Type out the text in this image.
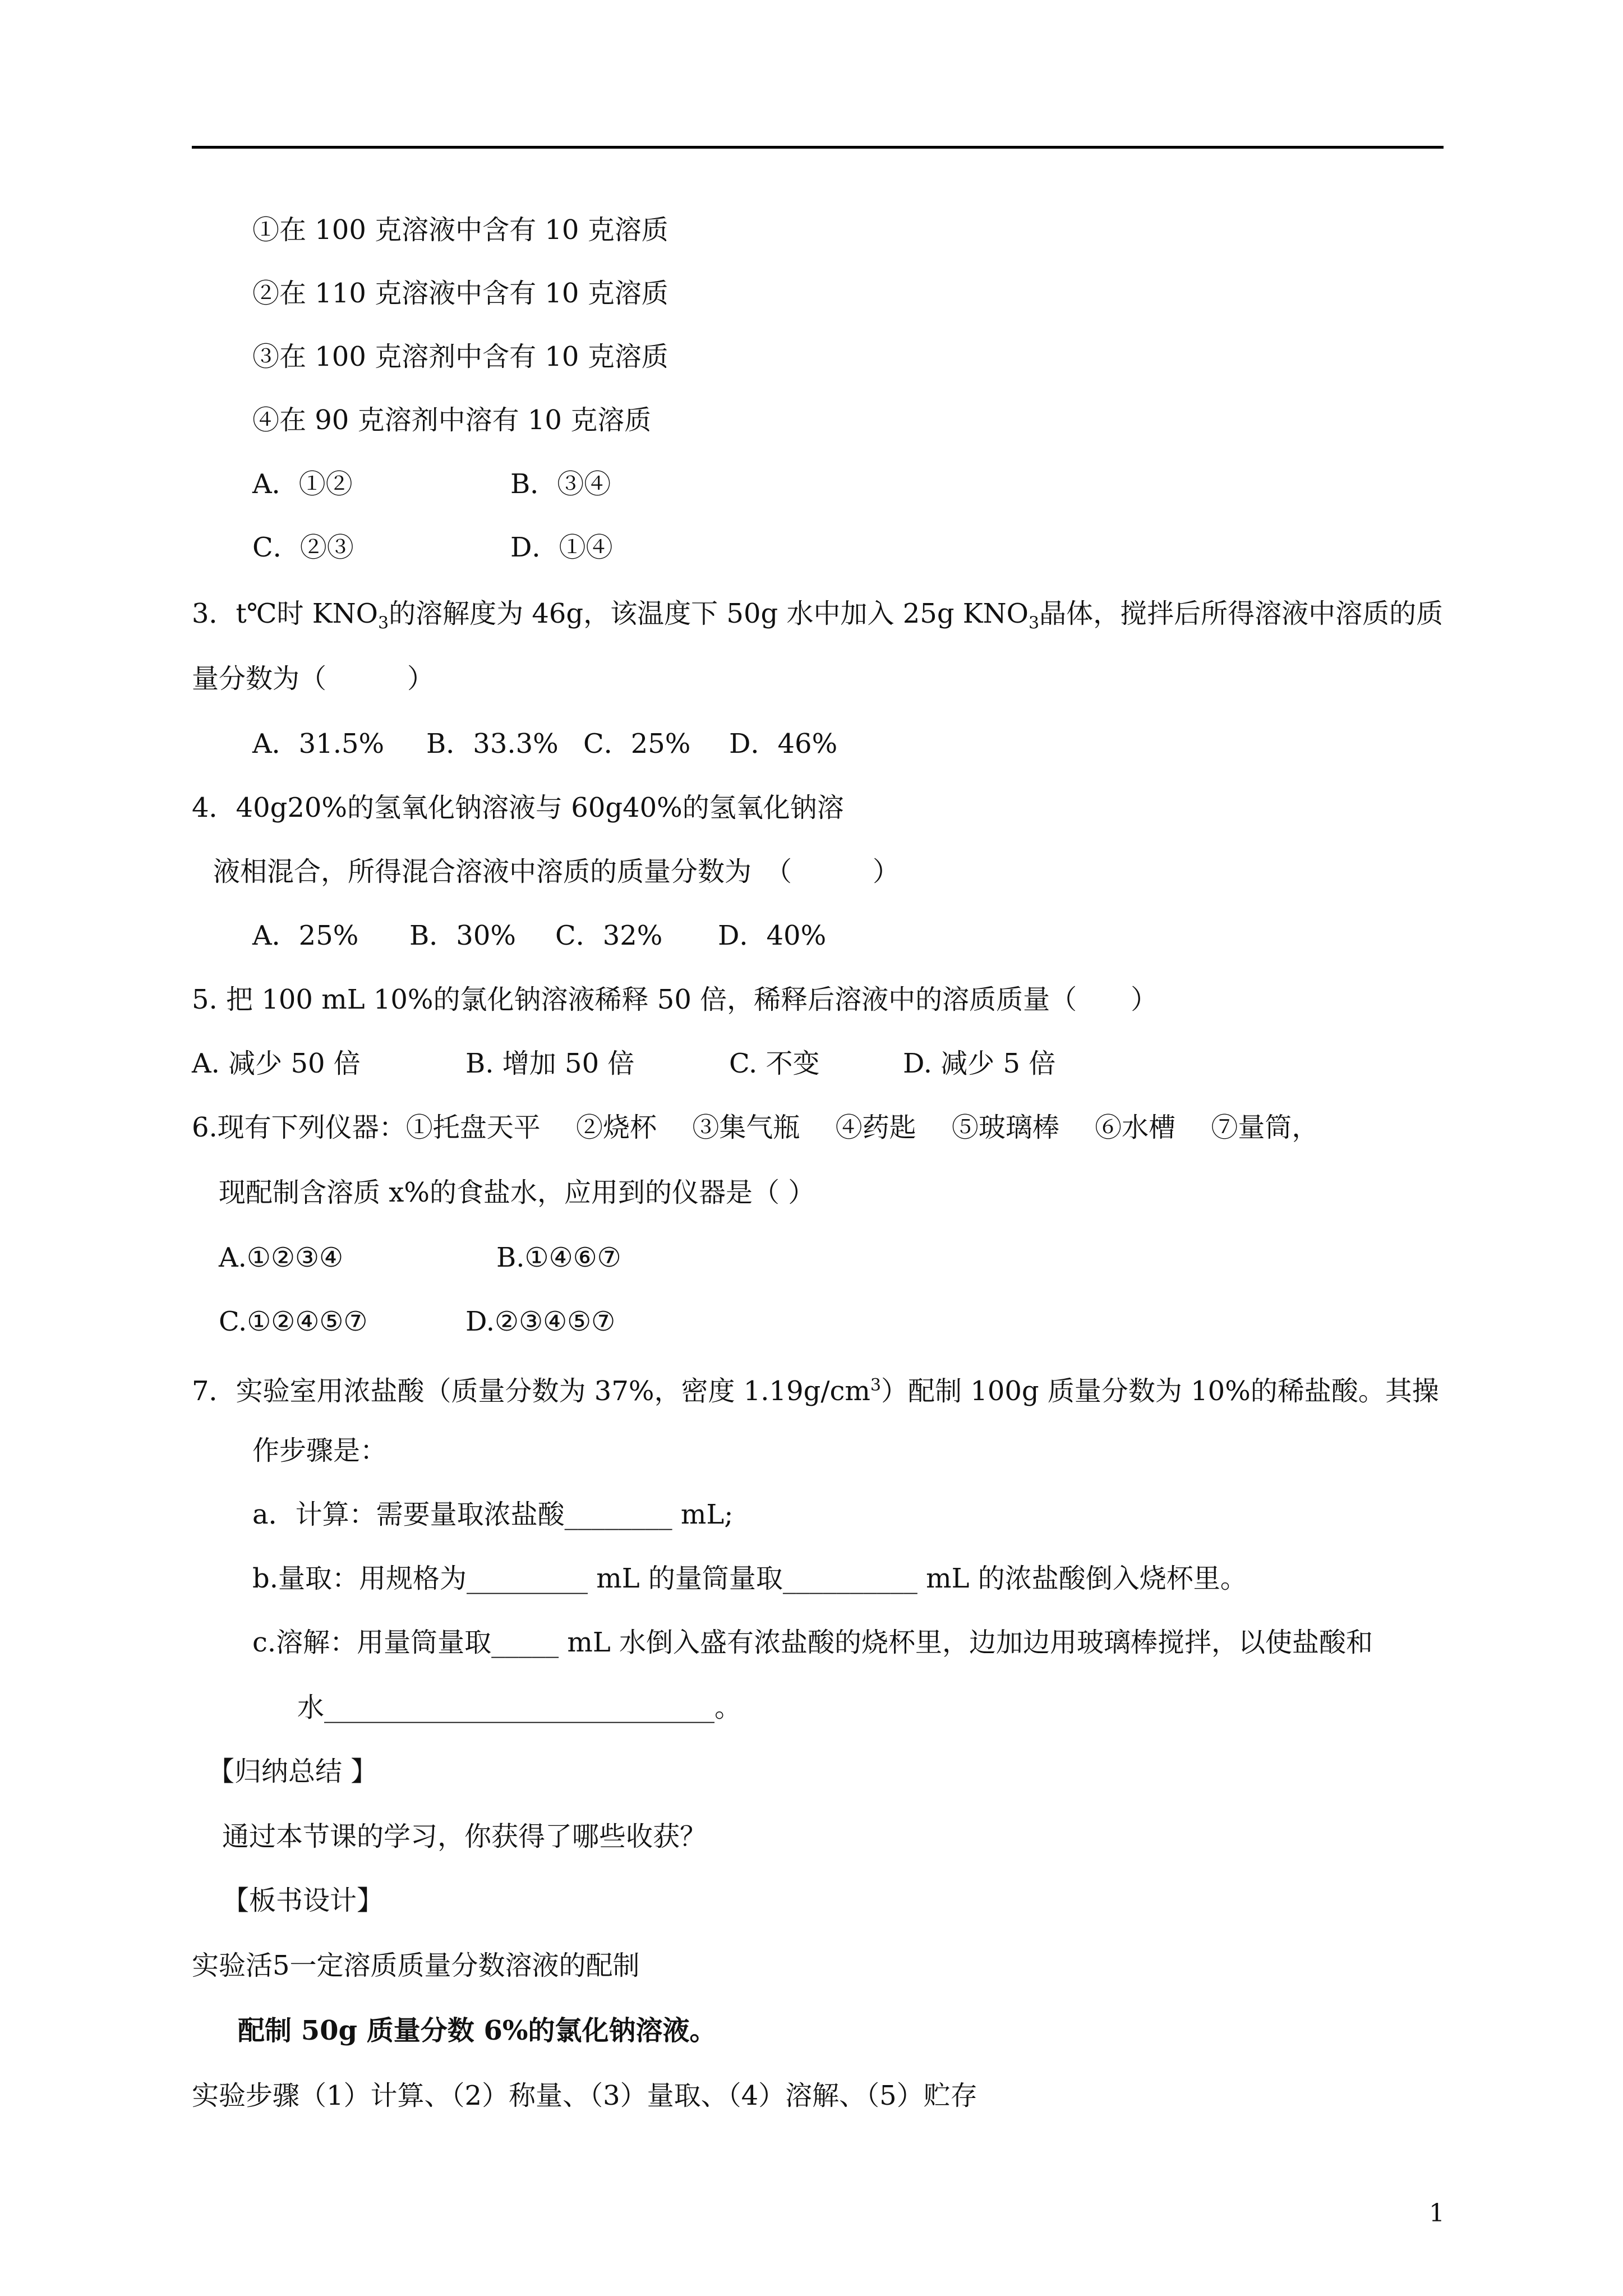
①在 100 克溶液中含有 10 克溶质
②在 110 克溶液中含有 10 克溶质
③在 100 克溶剂中含有 10 克溶质
④在 90 克溶剂中溶有 10 克溶质
A．①②	B．③④
C．②③	D．①④
3．t℃时 $KNO_3$的溶解度为 46g，该温度下 50g 水中加入 25g $KNO_3$晶体，搅拌后所得溶液中溶质的质
量分数为（　　　）
A．31.5% B．33.3% C．25% D．46%
4．40g20%的氢氧化钠溶液与 60g40%的氢氧化钠溶
液相混合，所得混合溶液中溶质的质量分数为　（　　　）
A．25% B．30% C．32% D．40%
5. 把 100 mL 10%的氯化钠溶液稀释 50 倍，稀释后溶液中的溶质质量（　　）
A. 减少 50 倍	B. 增加 50 倍	C. 不变	D. 减少 5 倍
6.现有下列仪器：①托盘天平　 ②烧杯　 ③集气瓶　 ④药匙　 ⑤玻璃棒　 ⑥水槽　 ⑦量筒，
现配制含溶质 x%的食盐水，应用到的仪器是（ ）
A.①②③④	B.①④⑥⑦
C.①②④⑤⑦	D.②③④⑤⑦
7．实验室用浓盐酸（质量分数为 37%，密度 $1.19g/cm^3$）配制 100g 质量分数为 10%的稀盐酸。其操
作步骤是：
a．计算：需要量取浓盐酸________ mL;
b.量取：用规格为_________ mL 的量筒量取__________ mL 的浓盐酸倒入烧杯里。
c.溶解：用量筒量取_____ mL 水倒入盛有浓盐酸的烧杯里，边加边用玻璃棒搅拌，以使盐酸和
水_____________________________。
【归纳总结 】
通过本节课的学习，你获得了哪些收获？
【板书设计】
实验活5一定溶质质量分数溶液的配制
配制 50g 质量分数 6%的氯化钠溶液。
实验步骤（1）计算、（2）称量、（3）量取、（4）溶解、（5）贮存
1
